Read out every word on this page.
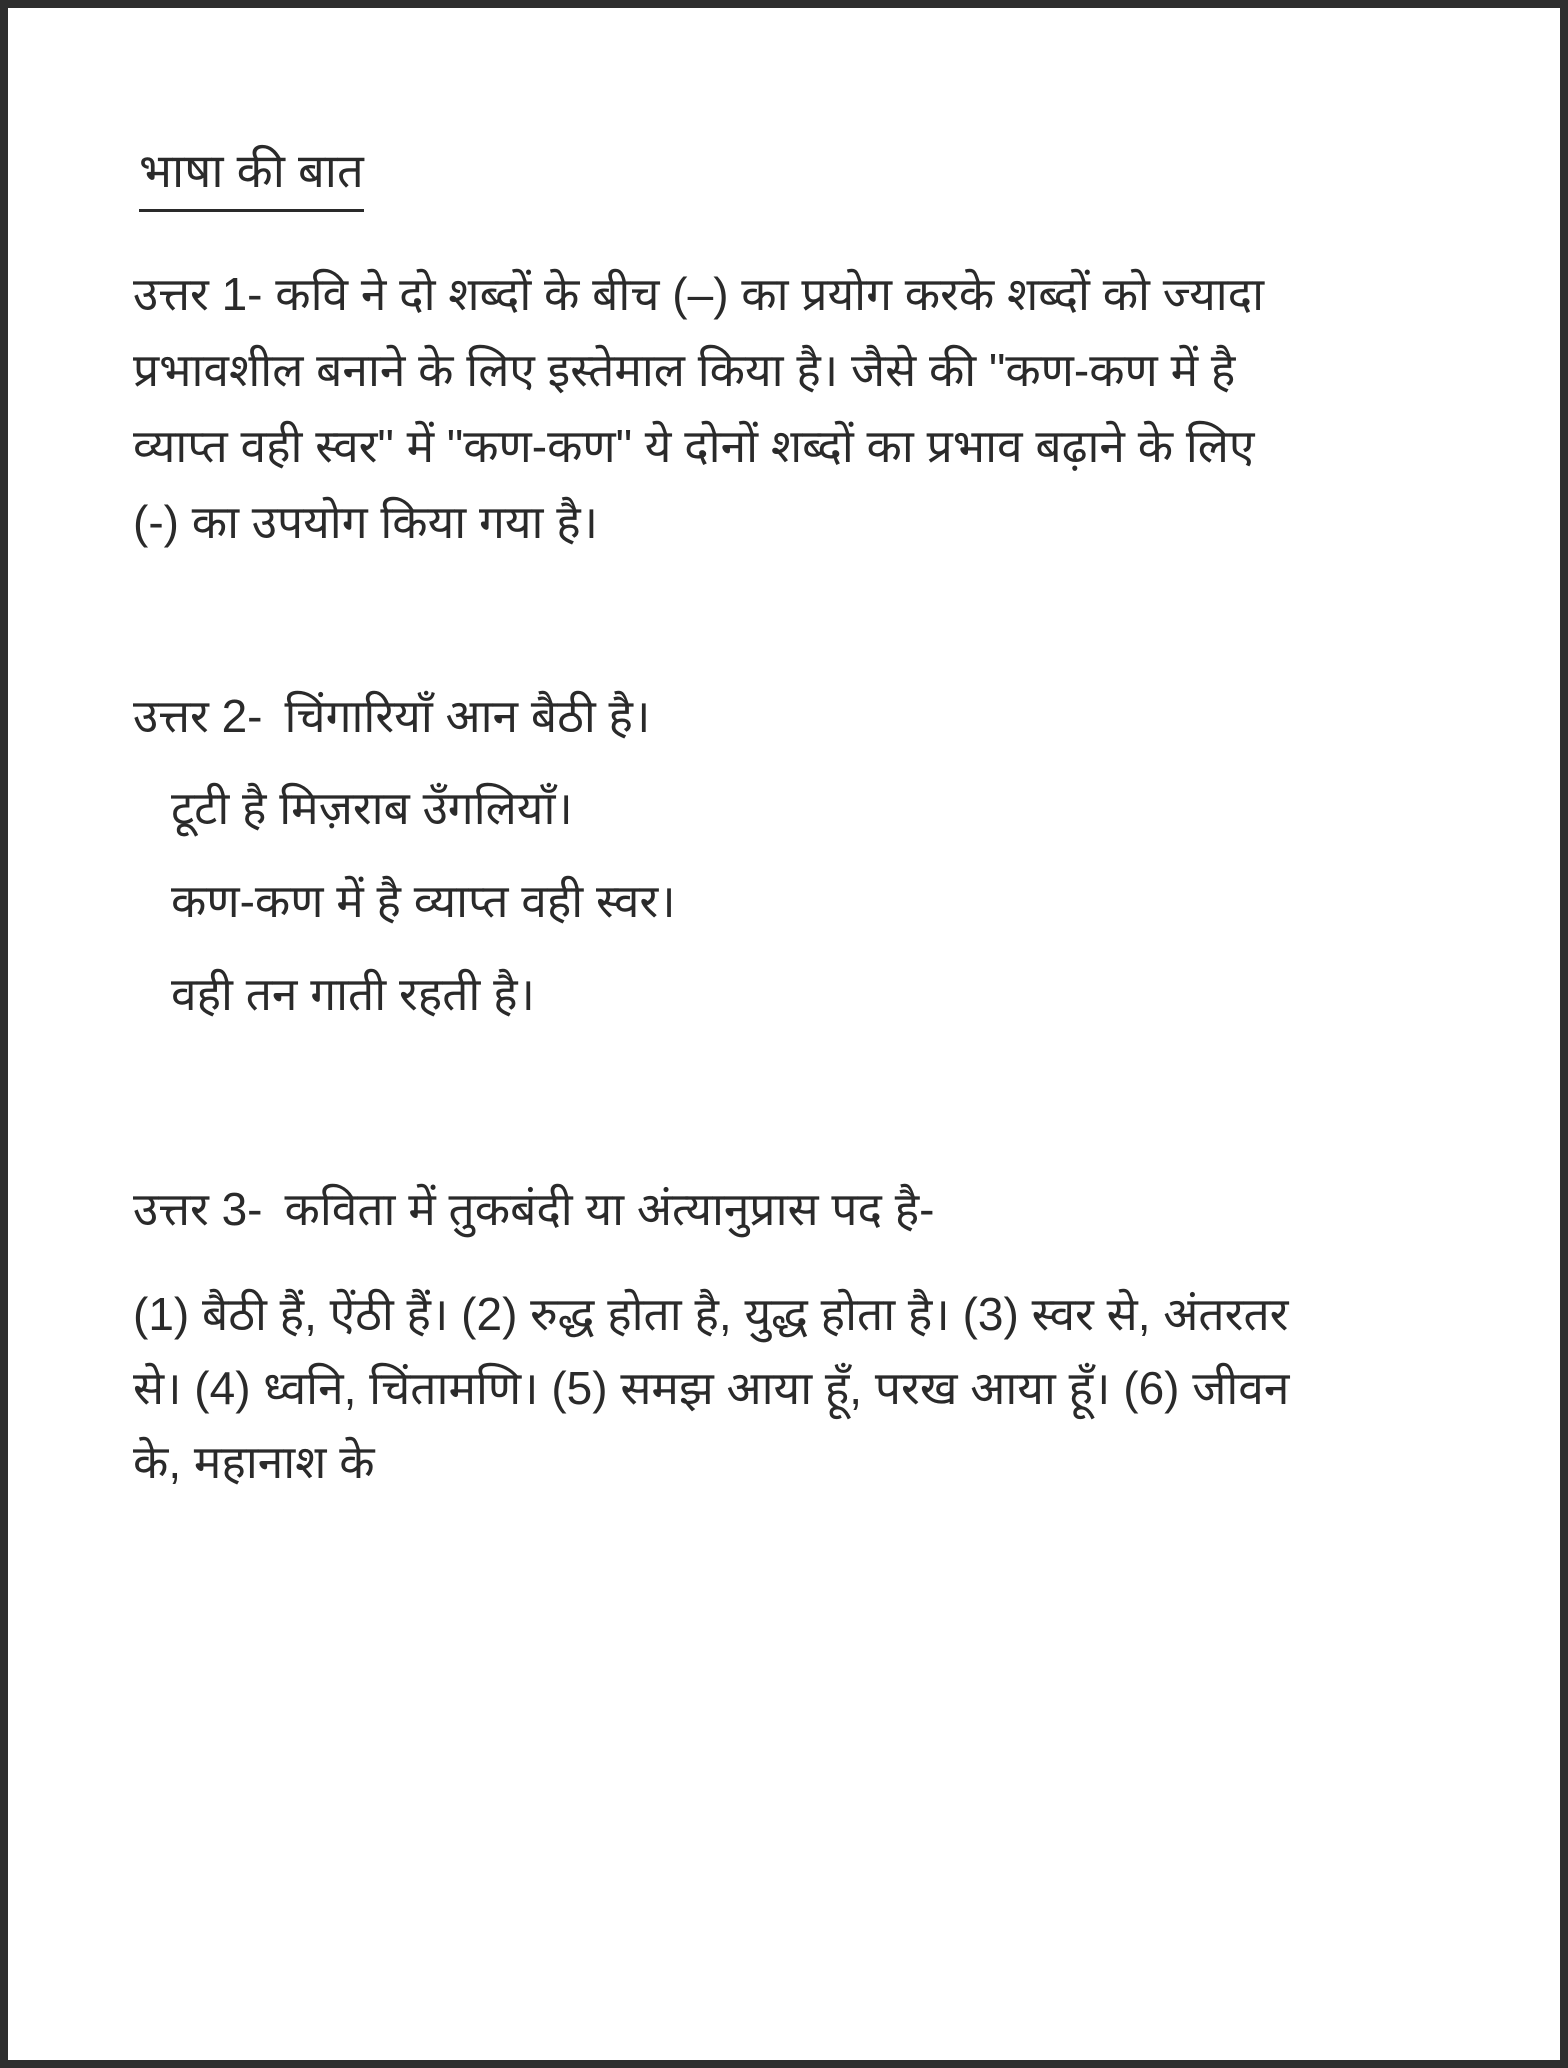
भाषा की बात
उत्तर 1- कवि ने दो शब्दों के बीच (–) का प्रयोग करके शब्दों को ज्यादा
प्रभावशील बनाने के लिए इस्तेमाल किया है। जैसे की "कण-कण में है
व्याप्त वही स्वर" में "कण-कण" ये दोनों शब्दों का प्रभाव बढ़ाने के लिए
(-) का उपयोग किया गया है।
उत्तर 2- चिंगारियाँ आन बैठी है।
टूटी है मिज़राब उँगलियाँ।
कण-कण में है व्याप्त वही स्वर।
वही तन गाती रहती है।
उत्तर 3- कविता में तुकबंदी या अंत्यानुप्रास पद है-
(1) बैठी हैं, ऐंठी हैं। (2) रुद्ध होता है, युद्ध होता है। (3) स्वर से, अंतरतर
से। (4) ध्वनि, चिंतामणि। (5) समझ आया हूँ, परख आया हूँ। (6) जीवन
के, महानाश के
